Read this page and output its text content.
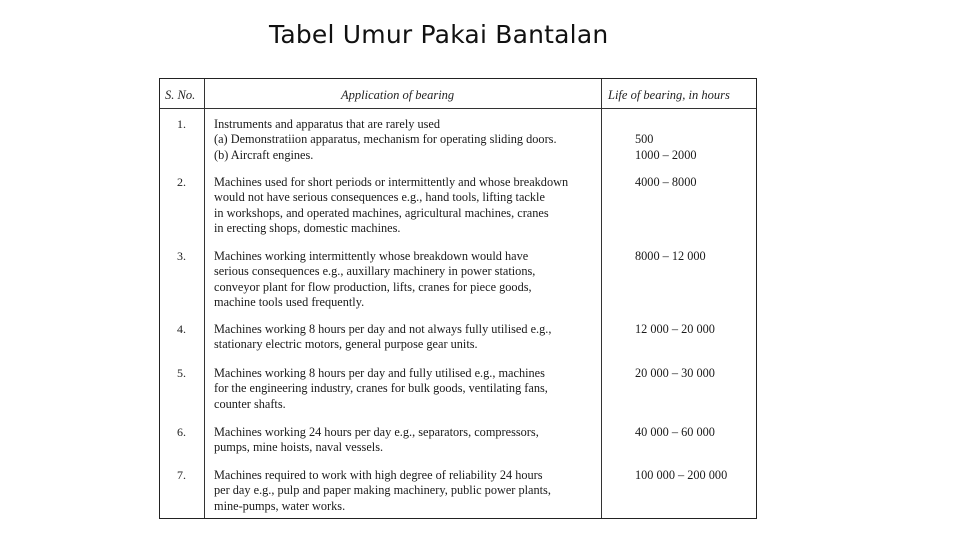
Tabel Umur Pakai Bantalan
S. No.	Application of bearing	Life of bearing, in hours
1. Instruments and apparatus that are rarely used
(a) Demonstratiion apparatus, mechanism for operating sliding doors.
(b) Aircraft engines.

500
1000 – 2000
2. Machines used for short periods or intermittently and whose breakdown
would not have serious consequences e.g., hand tools, lifting tackle
in workshops, and operated machines, agricultural machines, cranes
in erecting shops, domestic machines.
4000 – 8000
3. Machines working intermittently whose breakdown would have
serious consequences e.g., auxillary machinery in power stations,
conveyor plant for flow production, lifts, cranes for piece goods,
machine tools used frequently.
8000 – 12 000
4. Machines working 8 hours per day and not always fully utilised e.g.,
stationary electric motors, general purpose gear units.
12 000 – 20 000
5. Machines working 8 hours per day and fully utilised e.g., machines
for the engineering industry, cranes for bulk goods, ventilating fans,
counter shafts.
20 000 – 30 000
6. Machines working 24 hours per day e.g., separators, compressors,
pumps, mine hoists, naval vessels.
40 000 – 60 000
7. Machines required to work with high degree of reliability 24 hours
per day e.g., pulp and paper making machinery, public power plants,
mine-pumps, water works.
100 000 – 200 000
